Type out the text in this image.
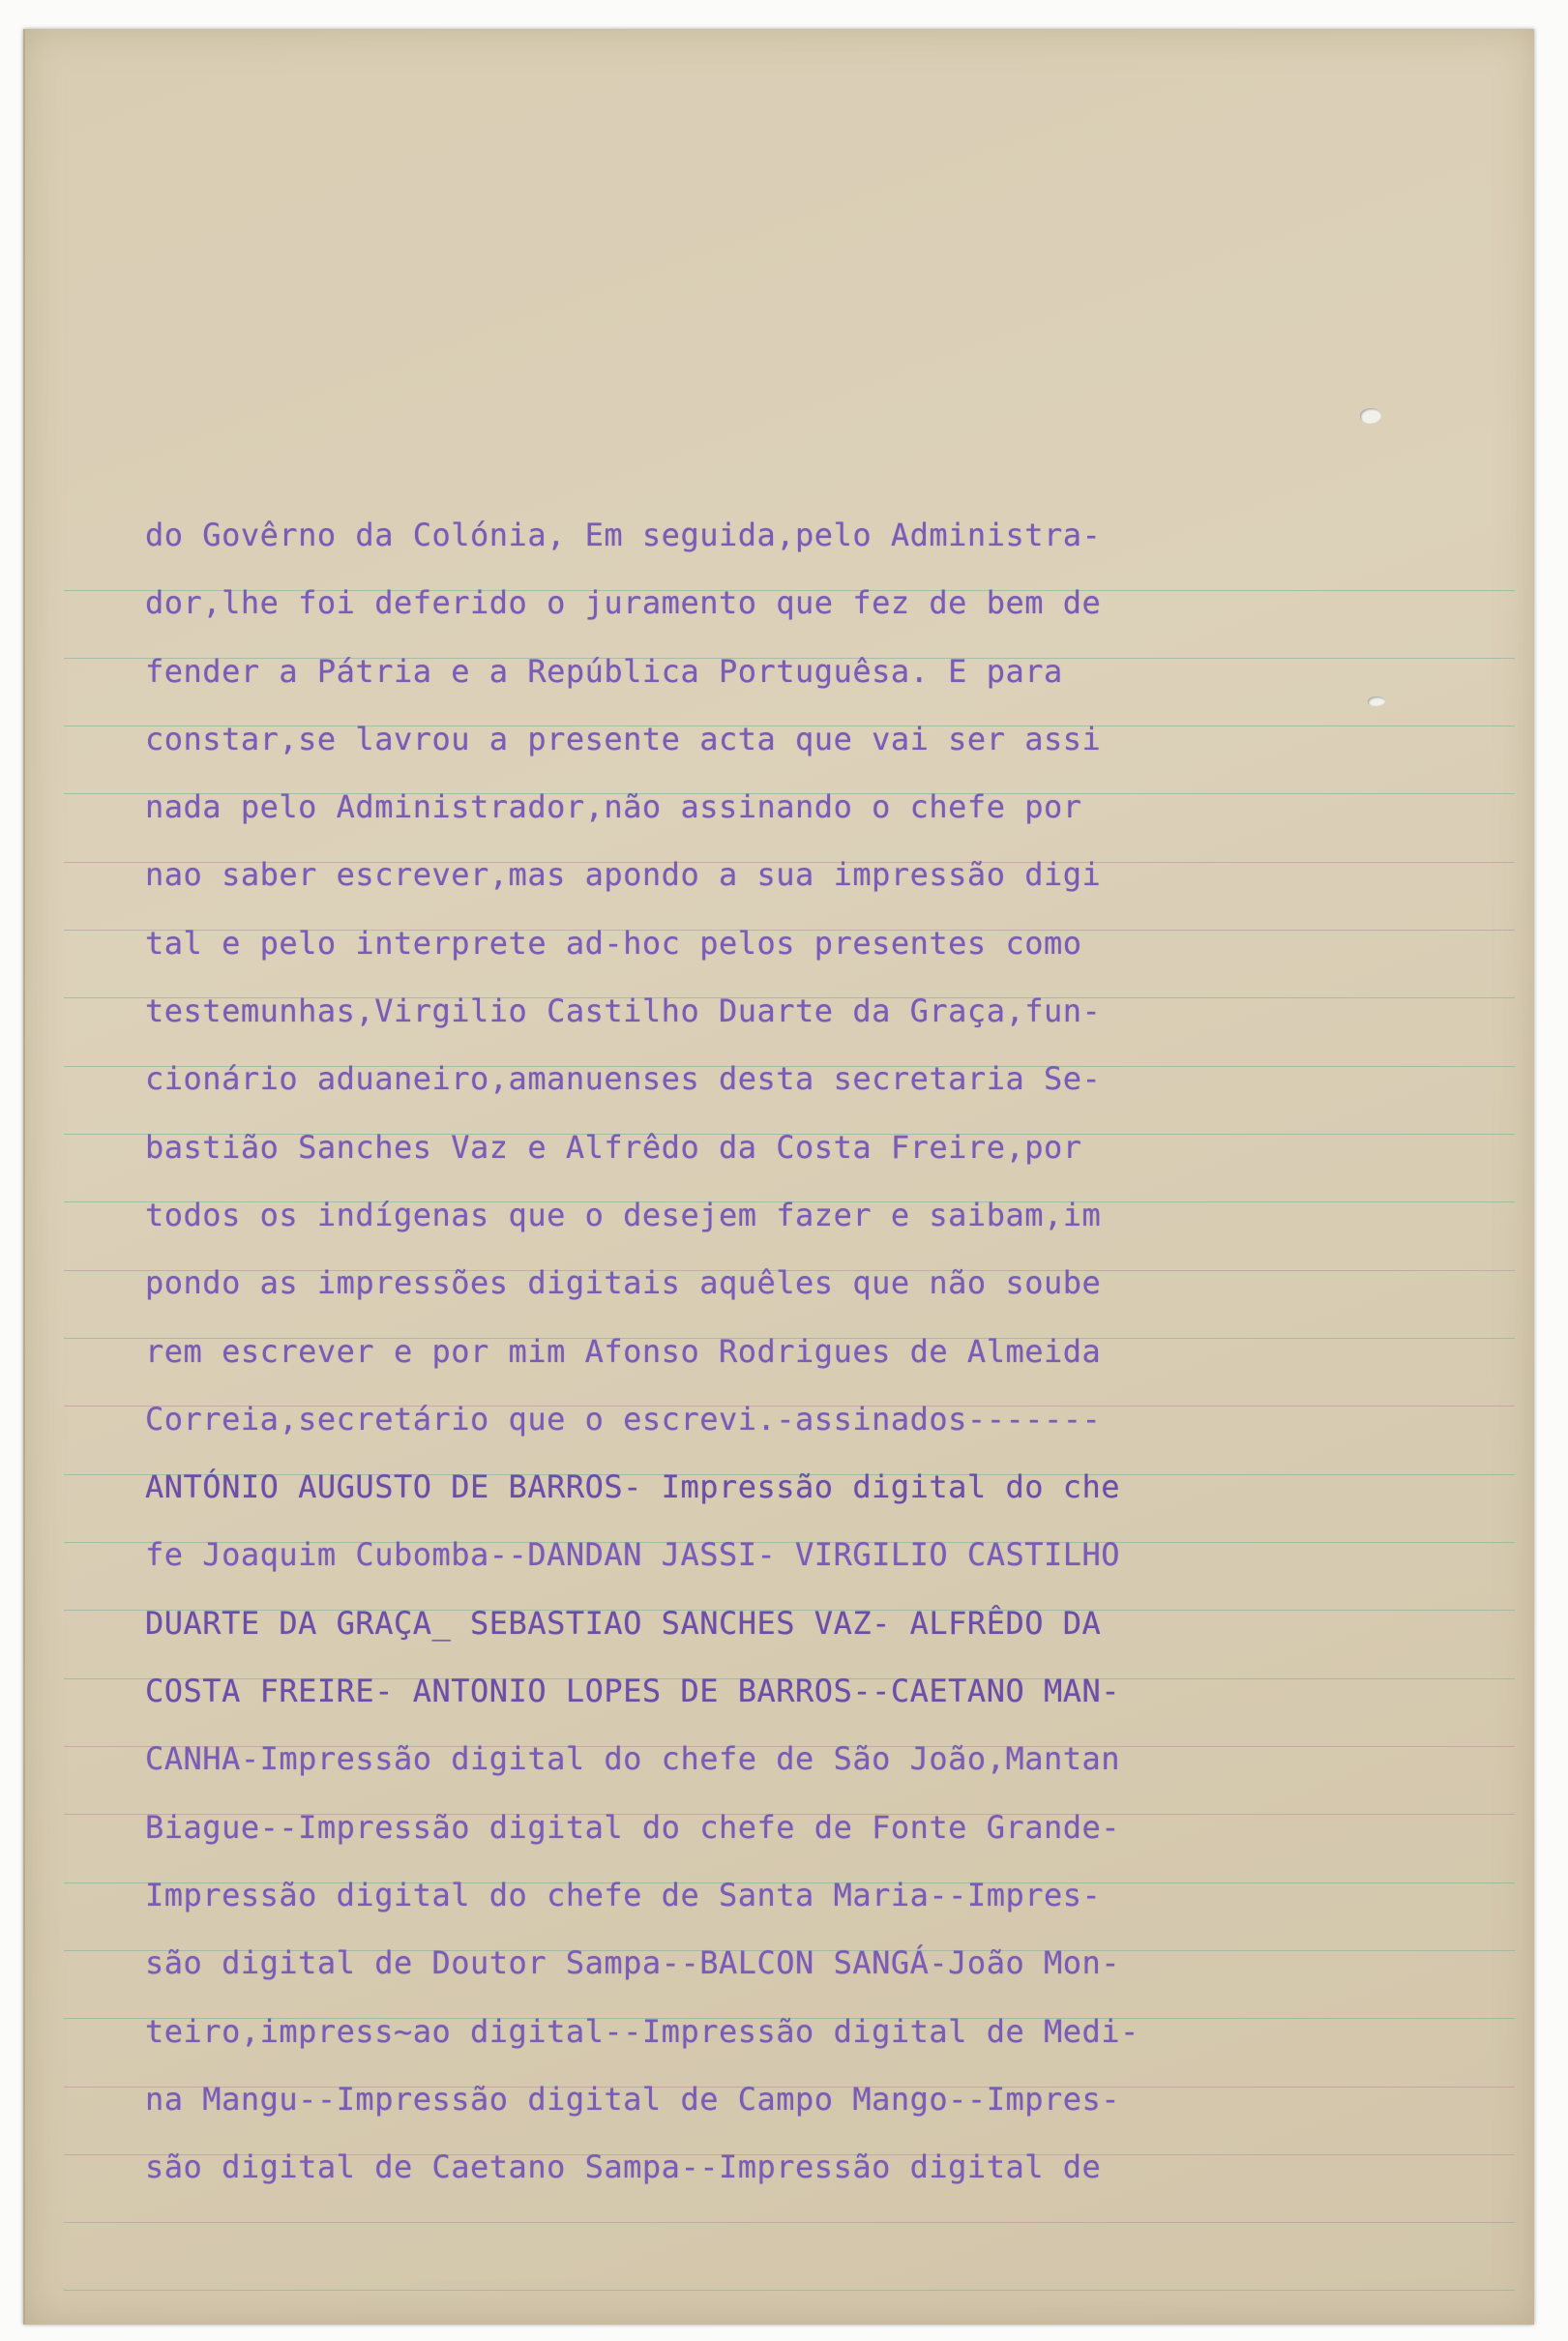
do Govêrno da Colónia, Em seguida,pelo Administra-
dor,lhe foi deferido o juramento que fez de bem de
fender a Pátria e a República Portuguêsa. E para
constar,se lavrou a presente acta que vai ser assi
nada pelo Administrador,não assinando o chefe por
nao saber escrever,mas apondo a sua impressão digi
tal e pelo interprete ad-hoc pelos presentes como
testemunhas,Virgilio Castilho Duarte da Graça,fun-
cionário aduaneiro,amanuenses desta secretaria Se-
bastião Sanches Vaz e Alfrêdo da Costa Freire,por
todos os indígenas que o desejem fazer e saibam,im
pondo as impressões digitais aquêles que não soube
rem escrever e por mim Afonso Rodrigues de Almeida
Correia,secretário que o escrevi.-assinados-------
ANTÓNIO AUGUSTO DE BARROS- Impressão digital do che
fe Joaquim Cubomba--DANDAN JASSI- VIRGILIO CASTILHO
DUARTE DA GRAÇA_ SEBASTIAO SANCHES VAZ- ALFRÊDO DA
COSTA FREIRE- ANTONIO LOPES DE BARROS--CAETANO MAN-
CANHA-Impressão digital do chefe de São João,Mantan
Biague--Impressão digital do chefe de Fonte Grande-
Impressão digital do chefe de Santa Maria--Impres-
são digital de Doutor Sampa--BALCON SANGÁ-João Mon-
teiro,impress~ao digital--Impressão digital de Medi-
na Mangu--Impressão digital de Campo Mango--Impres-
são digital de Caetano Sampa--Impressão digital de
